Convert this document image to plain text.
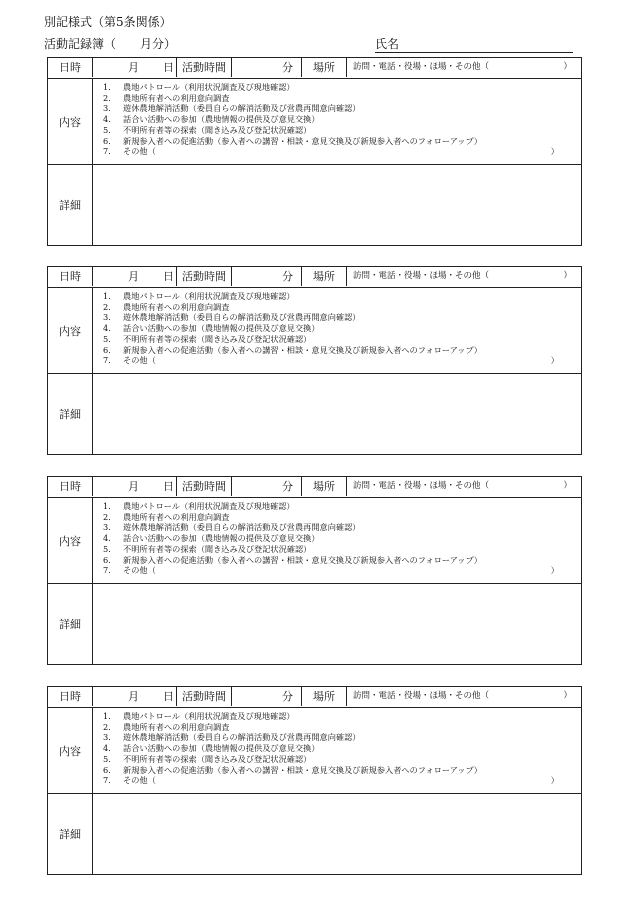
別記様式（第5条関係）
活動記録簿（　　月分）	氏名
日時	月 日 活動時間	分	場所	訪問・電話・役場・ほ場・その他（	）
内容
1． 農地パトロール（利用状況調査及び現地確認）
2． 農地所有者への利用意向調査
3． 遊休農地解消活動（委員自らの解消活動及び営農再開意向確認）
4． 話合い活動への参加（農地情報の提供及び意見交換）
5． 不明所有者等の探索（聞き込み及び登記状況確認）
6． 新規参入者への促進活動（参入者への講習・相談・意見交換及び新規参入者へのフォローアップ）
7． その他（	）
詳細
日時	月 日 活動時間	分	場所	訪問・電話・役場・ほ場・その他（	）
内容
1． 農地パトロール（利用状況調査及び現地確認）
2． 農地所有者への利用意向調査
3． 遊休農地解消活動（委員自らの解消活動及び営農再開意向確認）
4． 話合い活動への参加（農地情報の提供及び意見交換）
5． 不明所有者等の探索（聞き込み及び登記状況確認）
6． 新規参入者への促進活動（参入者への講習・相談・意見交換及び新規参入者へのフォローアップ）
7． その他（	）
詳細
日時	月 日 活動時間	分	場所	訪問・電話・役場・ほ場・その他（	）
内容
1． 農地パトロール（利用状況調査及び現地確認）
2． 農地所有者への利用意向調査
3． 遊休農地解消活動（委員自らの解消活動及び営農再開意向確認）
4． 話合い活動への参加（農地情報の提供及び意見交換）
5． 不明所有者等の探索（聞き込み及び登記状況確認）
6． 新規参入者への促進活動（参入者への講習・相談・意見交換及び新規参入者へのフォローアップ）
7． その他（	）
詳細
日時	月 日 活動時間	分	場所	訪問・電話・役場・ほ場・その他（	）
内容
1． 農地パトロール（利用状況調査及び現地確認）
2． 農地所有者への利用意向調査
3． 遊休農地解消活動（委員自らの解消活動及び営農再開意向確認）
4． 話合い活動への参加（農地情報の提供及び意見交換）
5． 不明所有者等の探索（聞き込み及び登記状況確認）
6． 新規参入者への促進活動（参入者への講習・相談・意見交換及び新規参入者へのフォローアップ）
7． その他（	）
詳細
